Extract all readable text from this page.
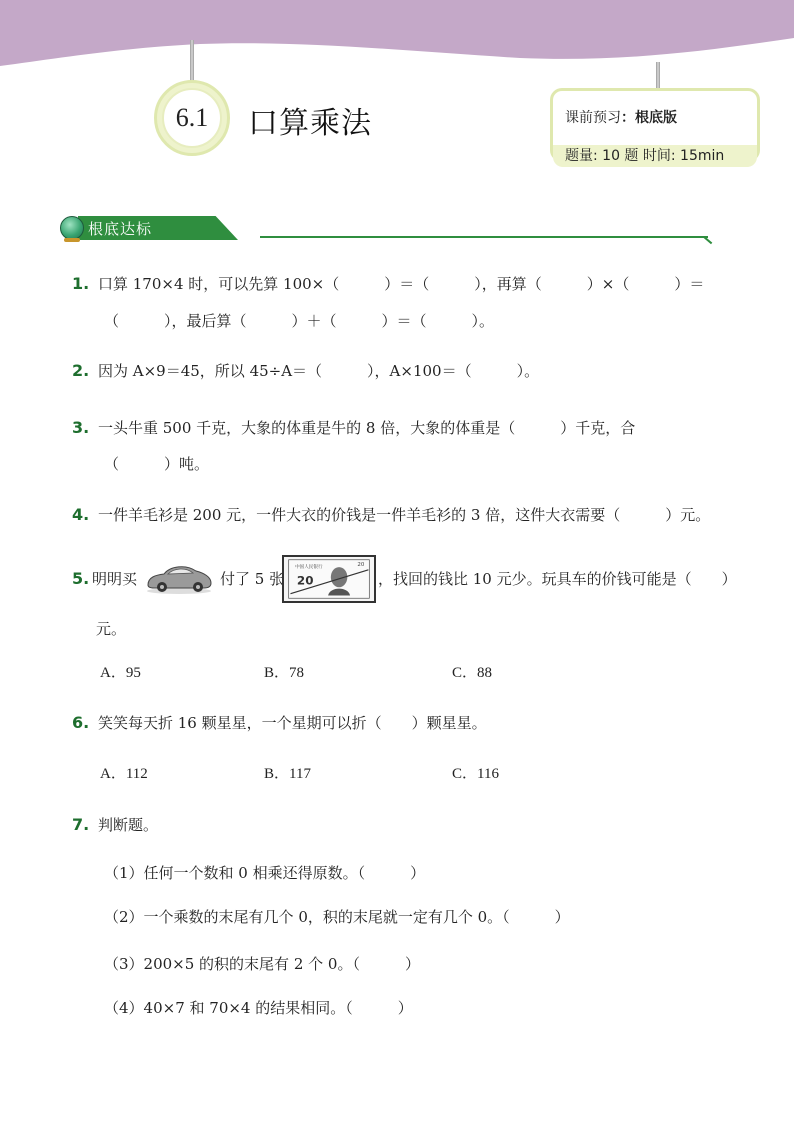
6.1	口算乘法	课前预习：根底版
题量: 10 题 时间: 15min
根底达标
1. 口算 170×4 时，可以先算 100×（　　　）＝（　　　），再算（　　　）×（　　　）＝
（　　　），最后算（　　　）＋（　　　）＝（　　　）。
2. 因为 A×9＝45，所以 45÷A＝（　　　），A×100＝（　　　）。
3. 一头牛重 500 千克，大象的体重是牛的 8 倍，大象的体重是（　　　）千克，合
（　　　）吨。
4. 一件羊毛衫是 200 元，一件大衣的价钱是一件羊毛衫的 3 倍，这件大衣需要（　　　）元。
5. 明明买	付了 5 张
中国人民银行
20
20
，找回的钱比 10 元少。玩具车的价钱可能是（　　）
元。
A．95	B．78	C．88
6. 笑笑每天折 16 颗星星，一个星期可以折（　　）颗星星。
A．112	B．117	C．116
7. 判断题。
（1）任何一个数和 0 相乘还得原数。（　　　）
（2）一个乘数的末尾有几个 0，积的末尾就一定有几个 0。（　　　）
（3）200×5 的积的末尾有 2 个 0。（　　　）
（4）40×7 和 70×4 的结果相同。（　　　）
